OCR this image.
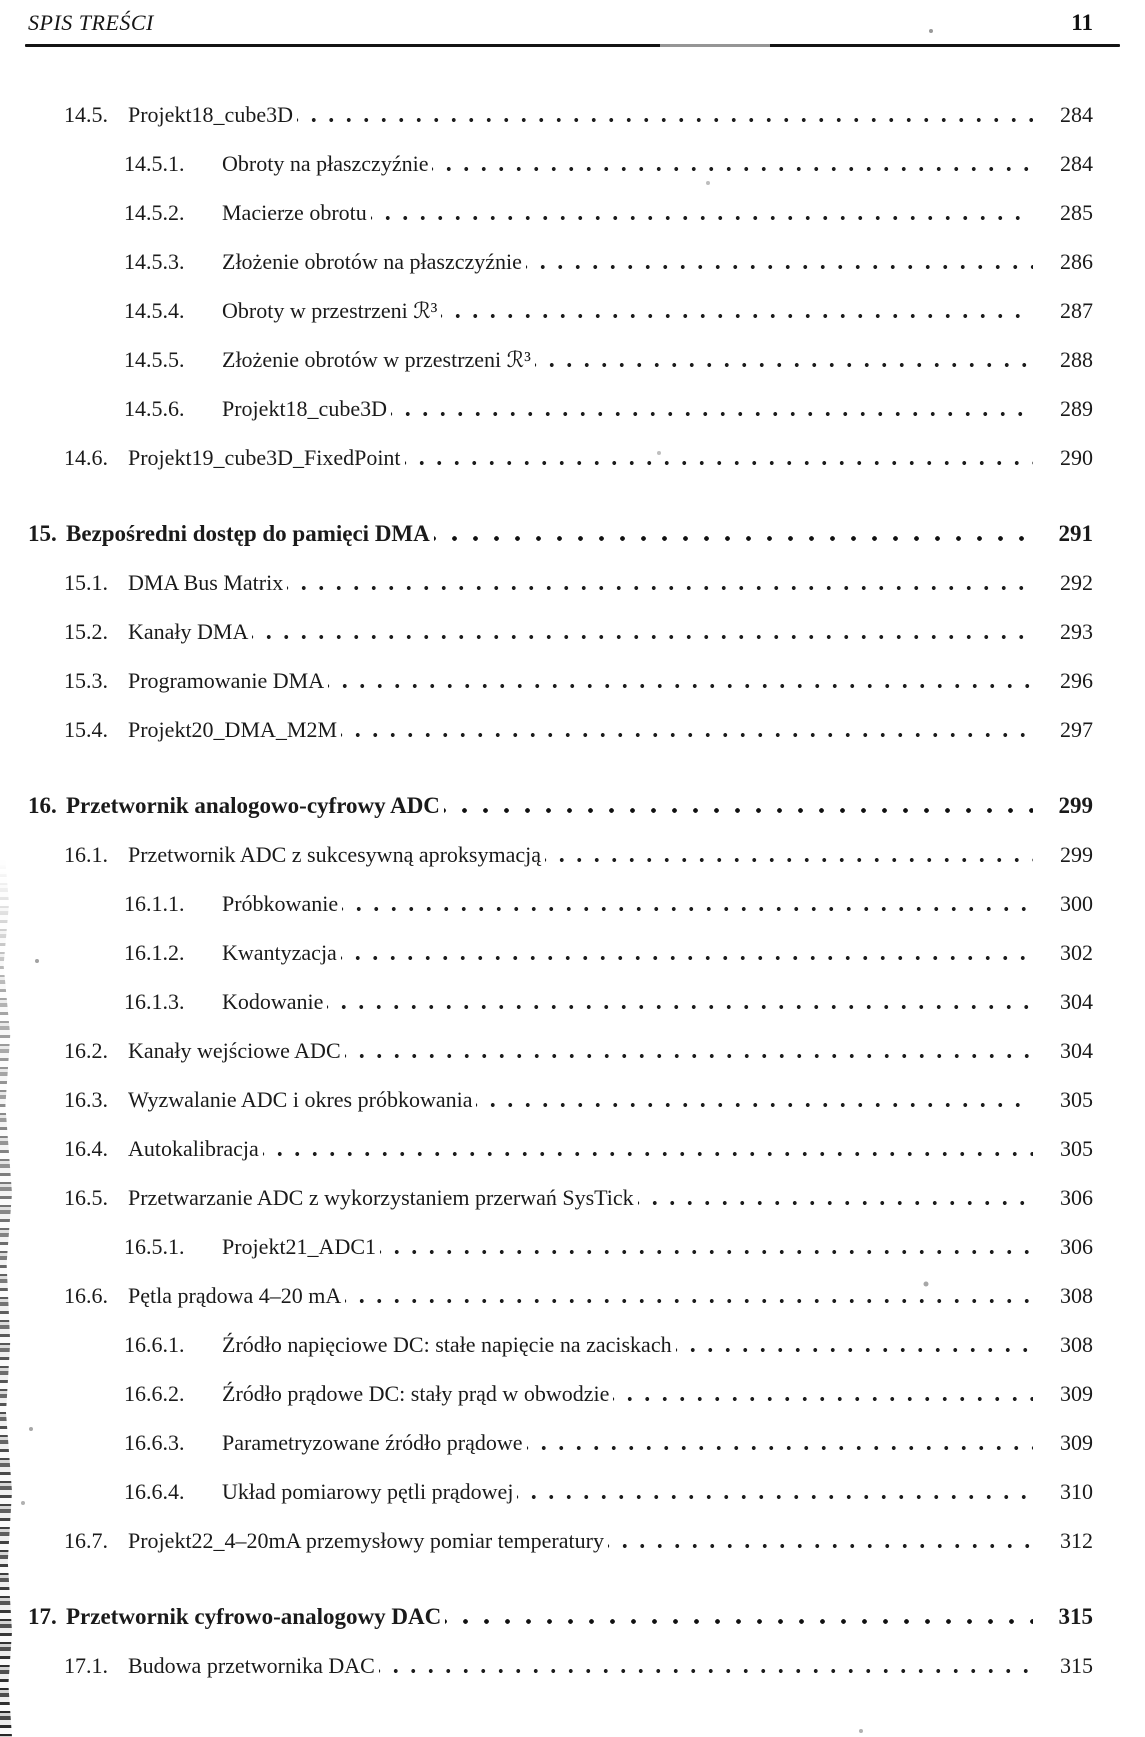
SPIS TREŚCI	11
14.5. Projekt18_cube3D	284
14.5.1.	Obroty na płaszczyźnie	284
14.5.2.	Macierze obrotu	285
14.5.3.	Złożenie obrotów na płaszczyźnie	286
14.5.4.	Obroty w przestrzeni ℛ³	287
14.5.5.	Złożenie obrotów w przestrzeni ℛ³	288
14.5.6.	Projekt18_cube3D	289
14.6. Projekt19_cube3D_FixedPoint	290
15. Bezpośredni dostęp do pamięci DMA	291
15.1. DMA Bus Matrix	292
15.2. Kanały DMA	293
15.3. Programowanie DMA	296
15.4. Projekt20_DMA_M2M	297
16. Przetwornik analogowo-cyfrowy ADC	299
16.1. Przetwornik ADC z sukcesywną aproksymacją	299
16.1.1.	Próbkowanie	300
16.1.2.	Kwantyzacja	302
16.1.3.	Kodowanie	304
16.2. Kanały wejściowe ADC	304
16.3. Wyzwalanie ADC i okres próbkowania	305
16.4. Autokalibracja	305
16.5. Przetwarzanie ADC z wykorzystaniem przerwań SysTick	306
16.5.1.	Projekt21_ADC1	306
16.6. Pętla prądowa 4–20 mA	308
16.6.1.	Źródło napięciowe DC: stałe napięcie na zaciskach	308
16.6.2.	Źródło prądowe DC: stały prąd w obwodzie	309
16.6.3.	Parametryzowane źródło prądowe	309
16.6.4.	Układ pomiarowy pętli prądowej	310
16.7. Projekt22_4–20mA przemysłowy pomiar temperatury	312
17. Przetwornik cyfrowo-analogowy DAC	315
17.1. Budowa przetwornika DAC	315
